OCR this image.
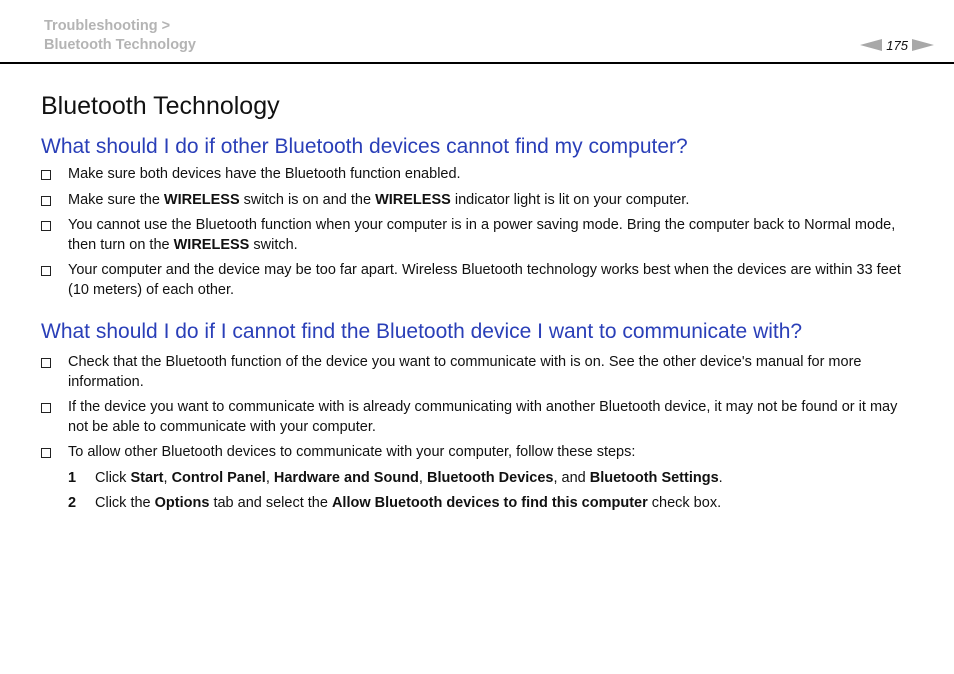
Troubleshooting >
Bluetooth Technology	175
Bluetooth Technology
What should I do if other Bluetooth devices cannot find my computer?
Make sure both devices have the Bluetooth function enabled.
Make sure the WIRELESS switch is on and the WIRELESS indicator light is lit on your computer.
You cannot use the Bluetooth function when your computer is in a power saving mode. Bring the computer back to Normal mode, then turn on the WIRELESS switch.
Your computer and the device may be too far apart. Wireless Bluetooth technology works best when the devices are within 33 feet (10 meters) of each other.
What should I do if I cannot find the Bluetooth device I want to communicate with?
Check that the Bluetooth function of the device you want to communicate with is on. See the other device's manual for more information.
If the device you want to communicate with is already communicating with another Bluetooth device, it may not be found or it may not be able to communicate with your computer.
To allow other Bluetooth devices to communicate with your computer, follow these steps:
1 Click Start, Control Panel, Hardware and Sound, Bluetooth Devices, and Bluetooth Settings.
2 Click the Options tab and select the Allow Bluetooth devices to find this computer check box.
